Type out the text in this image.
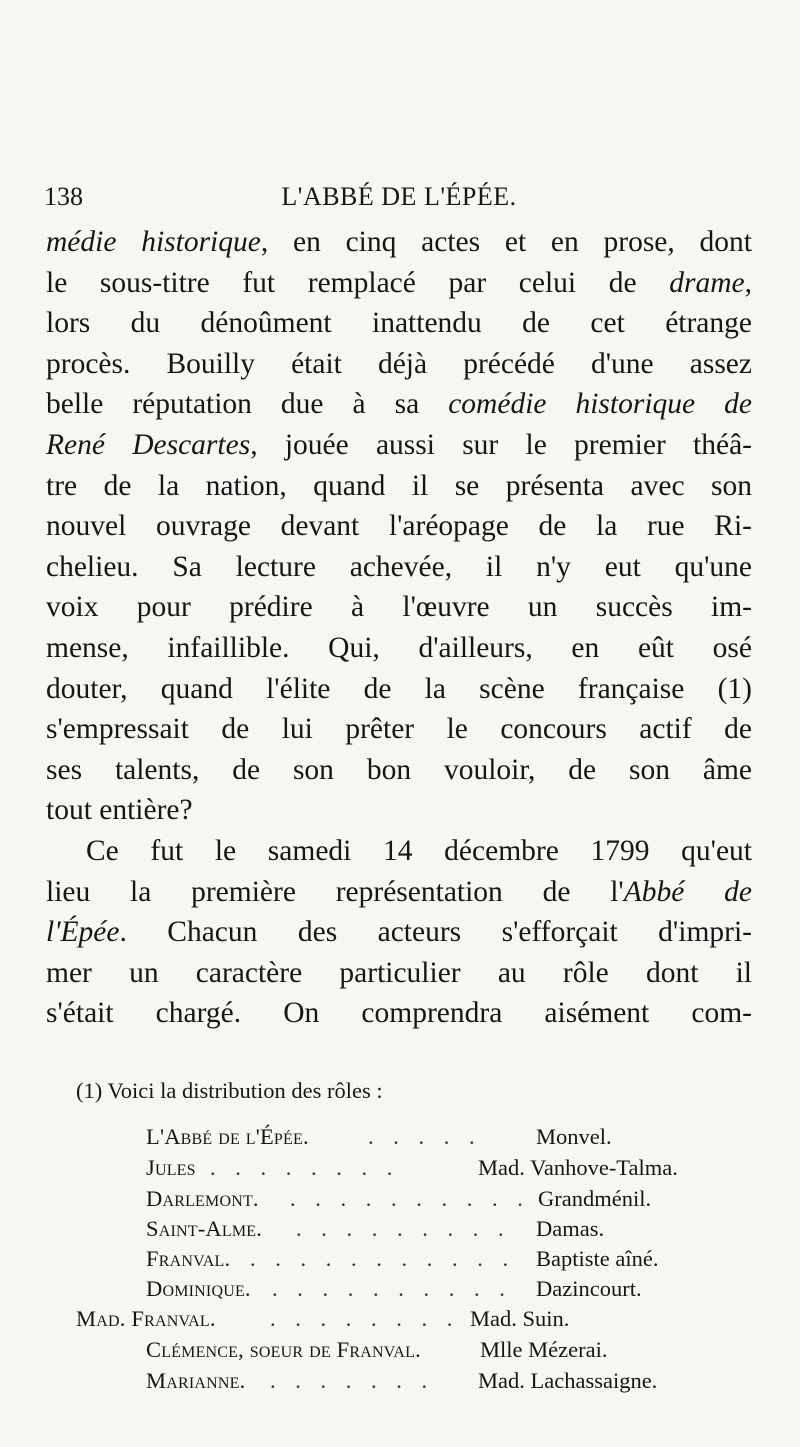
138	L'ABBÉ DE L'ÉPÉE.
médie historique, en cinq actes et en prose, dont
le sous-titre fut remplacé par celui de drame,
lors du dénoûment inattendu de cet étrange
procès. Bouilly était déjà précédé d'une assez
belle réputation due à sa comédie historique de
René Descartes, jouée aussi sur le premier théâ-
tre de la nation, quand il se présenta avec son
nouvel ouvrage devant l'aréopage de la rue Ri-
chelieu. Sa lecture achevée, il n'y eut qu'une
voix pour prédire à l'œuvre un succès im-
mense, infaillible. Qui, d'ailleurs, en eût osé
douter, quand l'élite de la scène française (1)
s'empressait de lui prêter le concours actif de
ses talents, de son bon vouloir, de son âme
tout entière?
Ce fut le samedi 14 décembre 1799 qu'eut
lieu la première représentation de l'Abbé de
l'Épée. Chacun des acteurs s'efforçait d'impri-
mer un caractère particulier au rôle dont il
s'était chargé. On comprendra aisément com-
(1) Voici la distribution des rôles :
L'Abbé de l'Épée.	. . . . . Monvel.
Jules . . . . . . . .	Mad. Vanhove-Talma.
Darlemont. . . . . . . . . . . Grandménil.
Saint-Alme. . . . . . . . . . Damas.
Franval. . . . . . . . . . . . Baptiste aîné.
Dominique. . . . . . . . . . . Dazincourt.
Mad. Franval. . . . . . . . . Mad. Suin.
Clémence, soeur de Franval.	Mlle Mézerai.
Marianne. . . . . . . . Mad. Lachassaigne.
